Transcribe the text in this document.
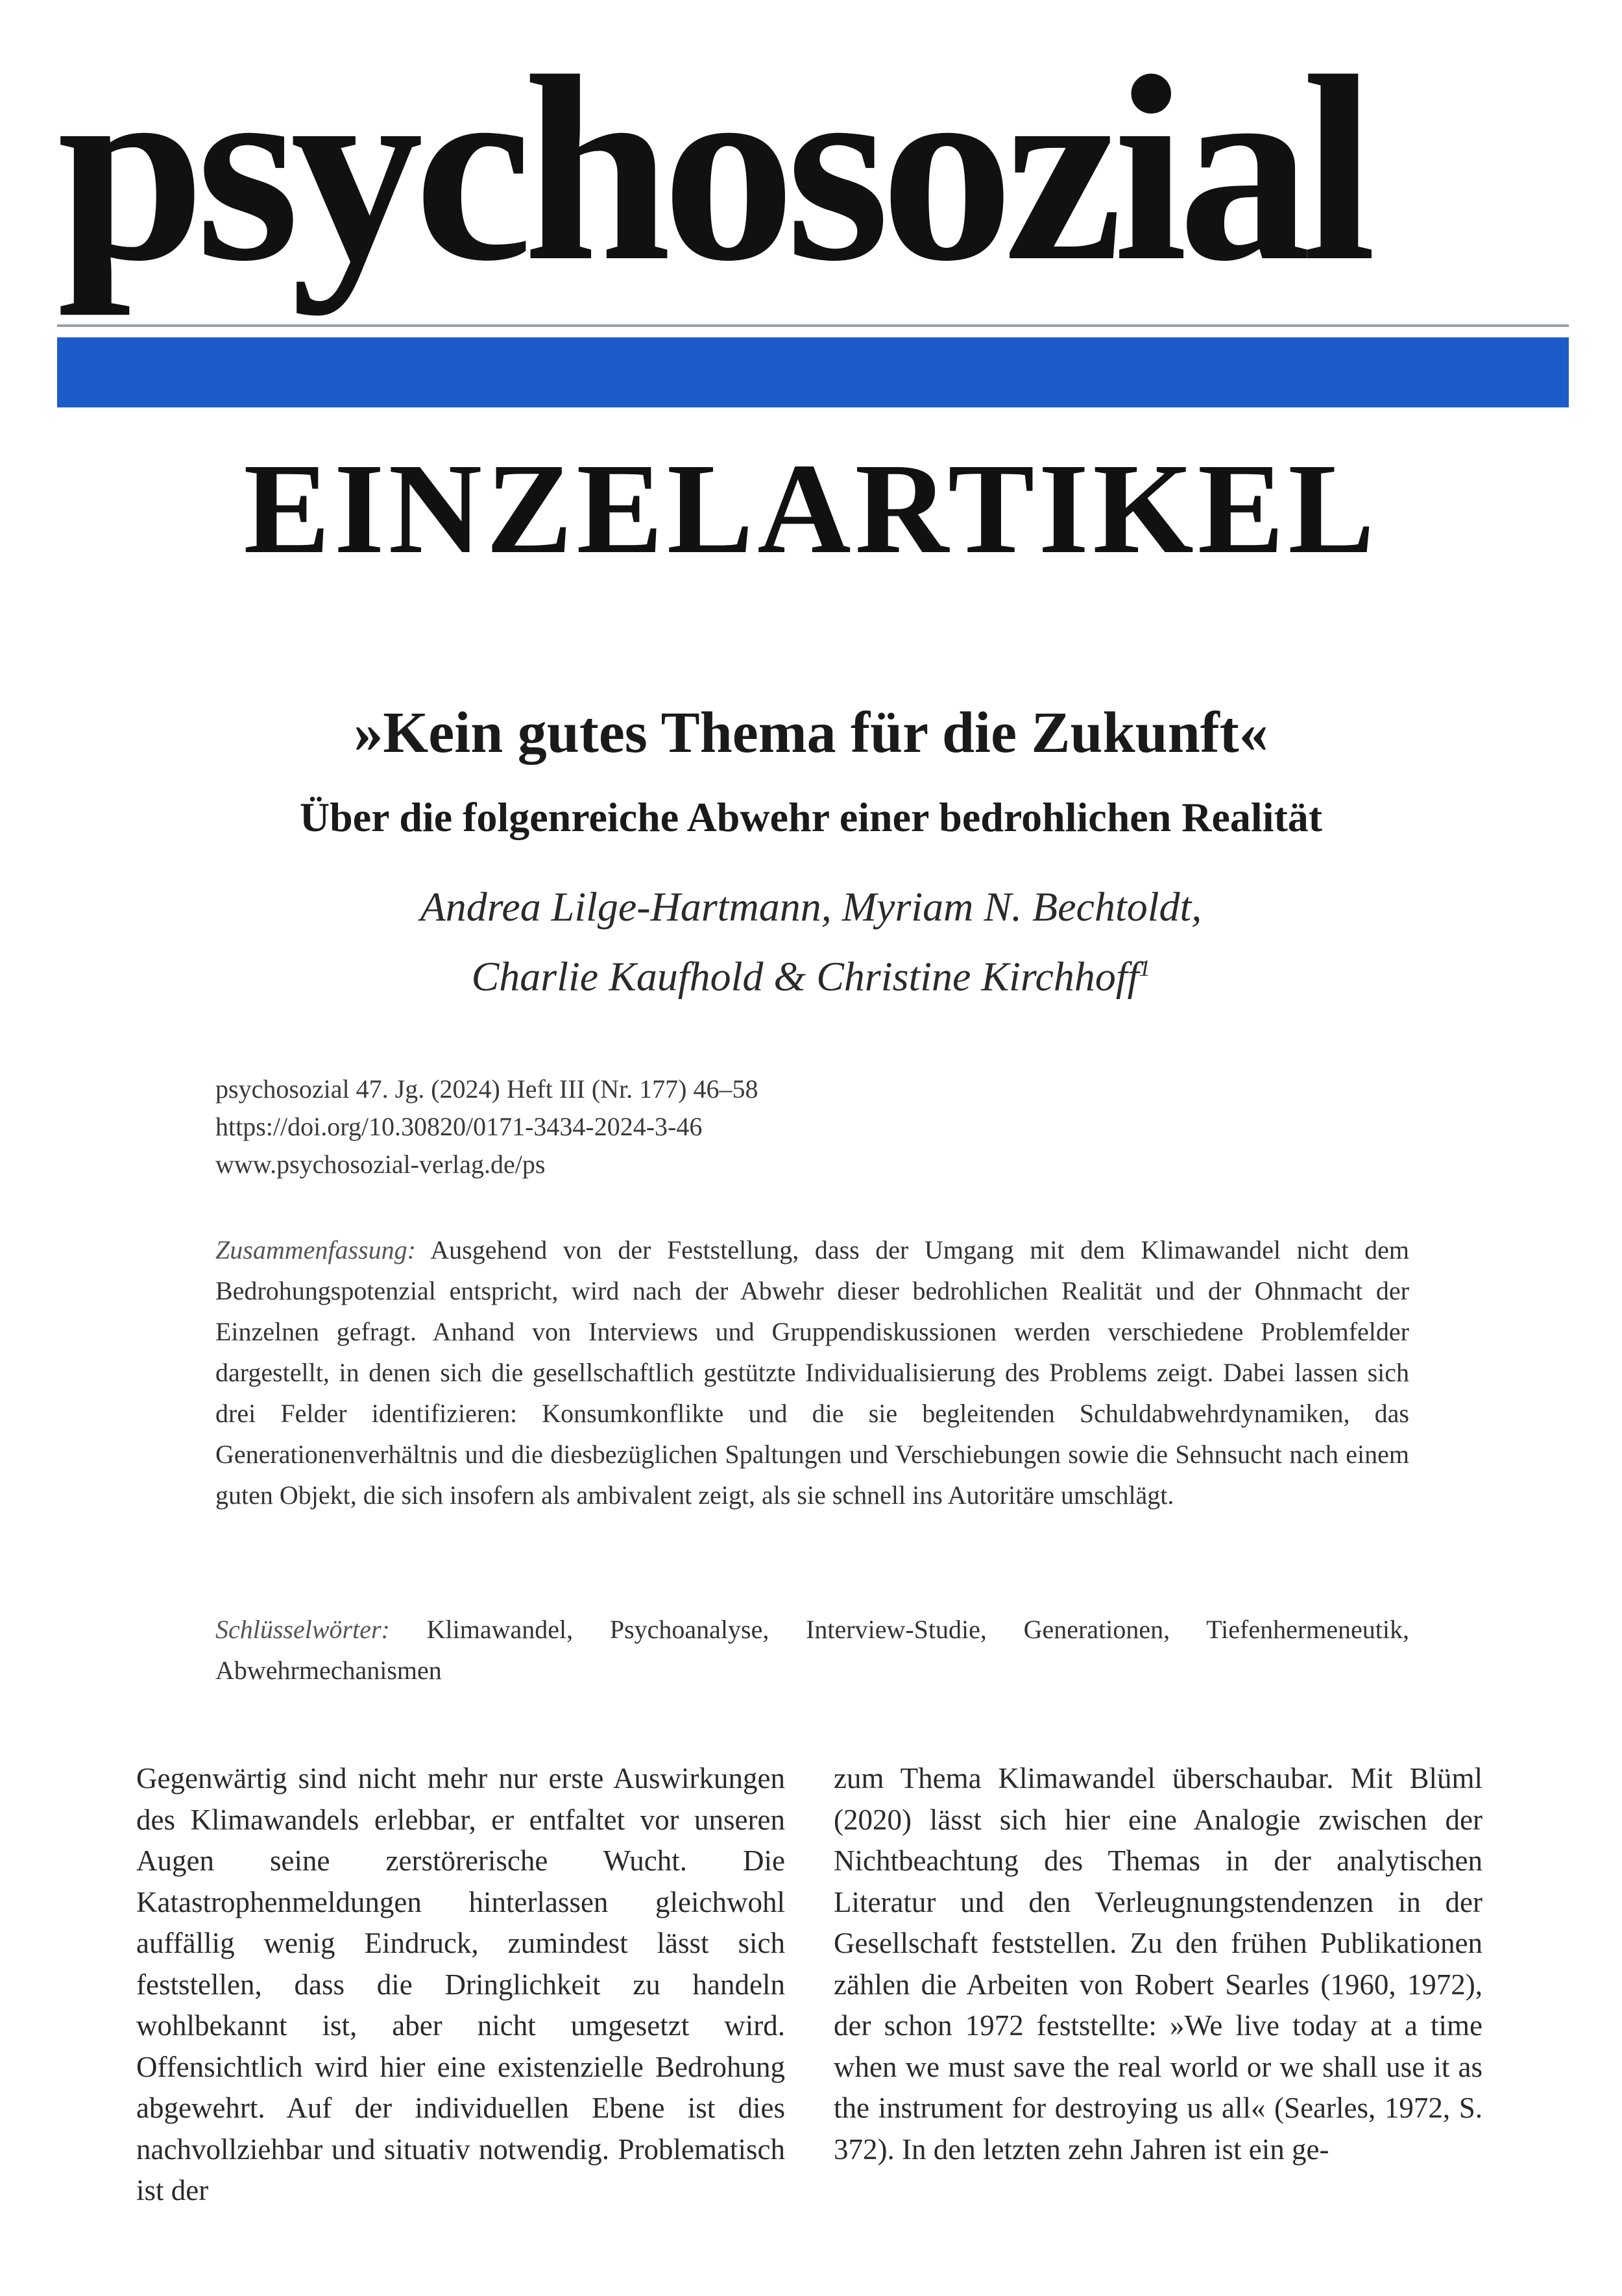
psychosozial
EINZELARTIKEL
»Kein gutes Thema für die Zukunft«
Über die folgenreiche Abwehr einer bedrohlichen Realität
Andrea Lilge-Hartmann, Myriam N. Bechtoldt,
Charlie Kaufhold & Christine Kirchhoff$^1$
psychosozial 47. Jg. (2024) Heft III (Nr. 177) 46–58
https://doi.org/10.30820/0171-3434-2024-3-46
www.psychosozial-verlag.de/ps

Zusammenfassung: Ausgehend von der Feststellung, dass der Umgang mit dem Klimawandel nicht dem Bedrohungspotenzial entspricht, wird nach der Abwehr dieser bedrohlichen Realität und der Ohnmacht der Einzelnen gefragt. Anhand von Interviews und Gruppendiskussionen werden verschiedene Problemfelder dargestellt, in denen sich die gesellschaftlich gestützte Individualisierung des Problems zeigt. Dabei lassen sich drei Felder identifizieren: Konsumkonflikte und die sie begleitenden Schuldabwehrdynamiken, das Generationenverhältnis und die diesbezüglichen Spaltungen und Verschiebungen sowie die Sehnsucht nach einem guten Objekt, die sich insofern als ambivalent zeigt, als sie schnell ins Autoritäre umschlägt.

Schlüsselwörter: Klimawandel, Psychoanalyse, Interview-Studie, Generationen, Tiefenhermeneutik, Abwehrmechanismen

Gegenwärtig sind nicht mehr nur erste Auswirkungen des Klimawandels erlebbar, er entfaltet vor unseren Augen seine zerstörerische Wucht. Die Katastrophenmeldungen hinterlassen gleichwohl auffällig wenig Eindruck, zumindest lässt sich feststellen, dass die Dringlichkeit zu handeln wohlbekannt ist, aber nicht umgesetzt wird. Offensichtlich wird hier eine existenzielle Bedrohung abgewehrt. Auf der individuellen Ebene ist dies nachvollziehbar und situativ notwendig. Problematisch ist der

zum Thema Klimawandel überschaubar. Mit Blüml (2020) lässt sich hier eine Analogie zwischen der Nichtbeachtung des Themas in der analytischen Literatur und den Verleugnungstendenzen in der Gesellschaft feststellen. Zu den frühen Publikationen zählen die Arbeiten von Robert Searles (1960, 1972), der schon 1972 feststellte: »We live today at a time when we must save the real world or we shall use it as the instrument for destroying us all« (Searles, 1972, S. 372). In den letzten zehn Jahren ist ein ge-
